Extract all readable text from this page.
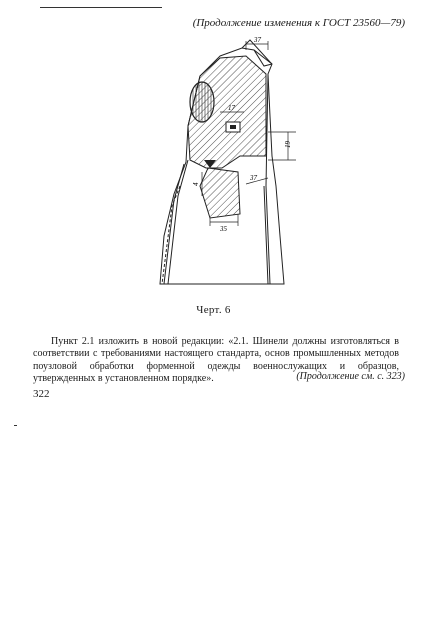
(Продолжение изменения к ГОСТ 23560—79)
37
17
19
37
35
4
Черт. 6

Пункт 2.1 изложить в новой редакции: «2.1. Шинели должны изготовляться в соответствии с требованиями настоящего стандарта, основ промышленных методов поузловой обработки форменной одежды военнослужащих и образцов, утвержденных в установленном порядке».	(Продолжение см. с. 323)
322
